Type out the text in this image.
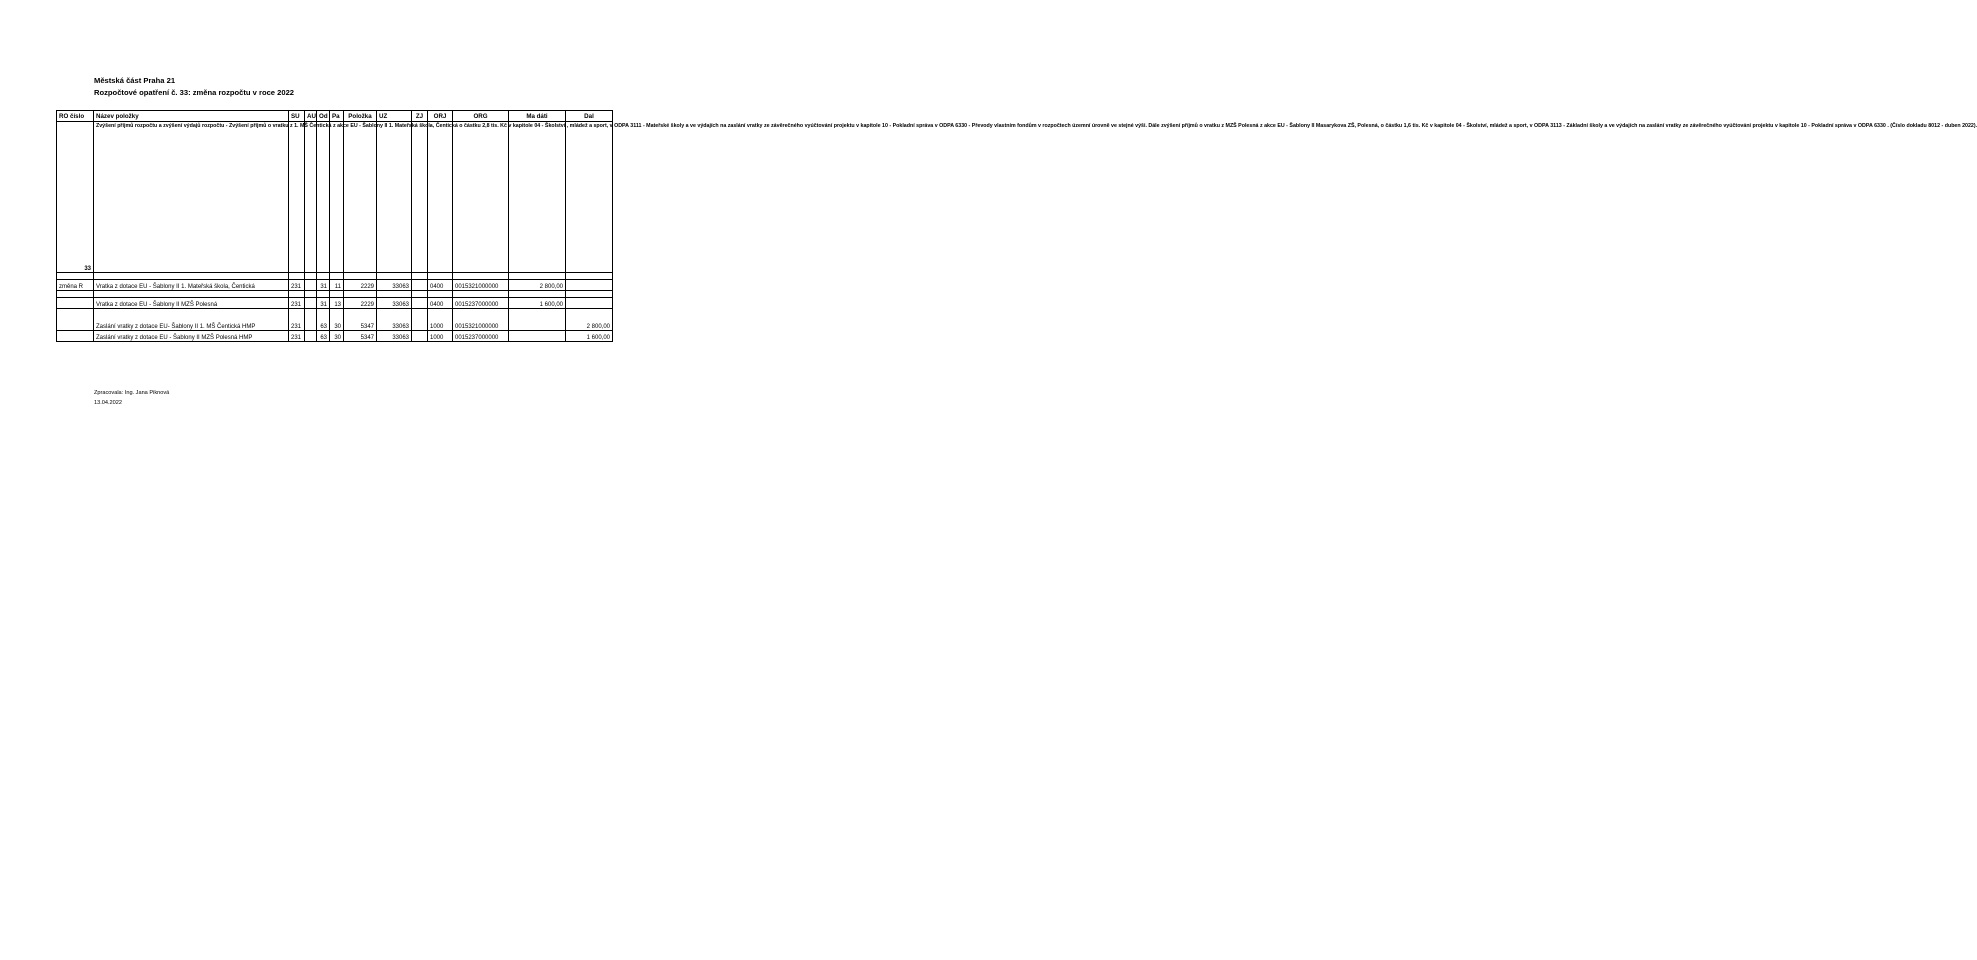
Městská část Praha 21
Rozpočtové opatření č. 33: změna rozpočtu v roce 2022
RO číslo	Název položky	SU	AU	Od	Pa	Položka	UZ	ZJ	ORJ	ORG	Ma dáti	Dal
33	Zvýšení příjmů rozpočtu a zvýšení výdajů rozpočtu - Zvýšení příjmů o vratku z 1. MŠ Čentická z akce EU - Šablony II 1. Mateřská škola, Čentická o částku 2,8 tis. Kč v kapitole 04 - Školství , mládež a sport, v ODPA 3111 - Mateřské školy a ve výdajích na zaslání vratky ze závěrečného vyúčtování projektu v kapitole 10 - Pokladní správa v ODPA 6330 - Převody vlastním fondům v rozpočtech územní úrovně ve stejné výši. Dále zvýšení příjmů o vratku z MZŠ Polesná z akce EU - Šablony II Masarykova ZŠ, Polesná, o částku 1,6 tis. Kč v kapitole 04 - Školství, mládež a sport, v ODPA 3113 - Základní školy a ve výdajích na zaslání vratky ze závěrečného vyúčtování projektu v kapitole 10 - Pokladní správa v ODPA 6330 . (Číslo dokladu 8012 - duben 2022).											

změna R	Vratka z dotace EU - Šablony II 1. Mateřská škola, Čentická	231		31	11	2229	33063		0400	0015321000000	2 800,00	

	Vratka z dotace EU - Šablony II MZŠ Polesná	231		31	13	2229	33063		0400	0015237000000	1 600,00	
	Zaslání vratky z dotace EU- Šablony II 1. MŠ Čentická HMP	231		63	30	5347	33063		1000	0015321000000		2 800,00
	Zaslání vratky z dotace EU - Šablony II MZŠ Polesná HMP	231		63	30	5347	33063		1000	0015237000000		1 600,00
Zpracovala: Ing. Jana Piknová
13.04.2022
